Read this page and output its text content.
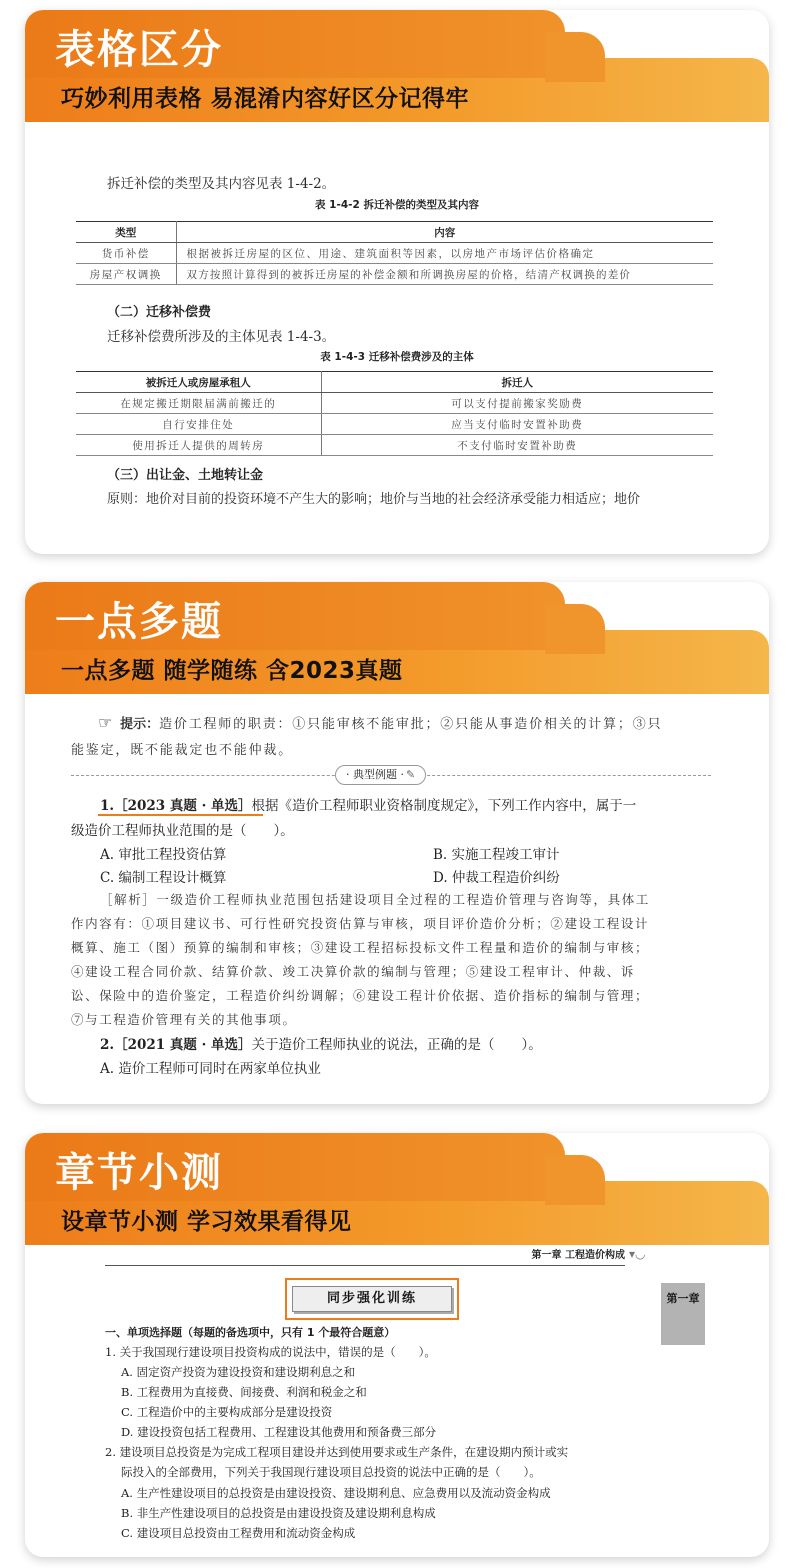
表格区分
巧妙利用表格 易混淆内容好区分记得牢
拆迁补偿的类型及其内容见表 1-4-2。
表 1-4-2 拆迁补偿的类型及其内容
类型	内容
货币补偿	根据被拆迁房屋的区位、用途、建筑面积等因素，以房地产市场评估价格确定
房屋产权调换	双方按照计算得到的被拆迁房屋的补偿金额和所调换房屋的价格，结清产权调换的差价
（二）迁移补偿费
迁移补偿费所涉及的主体见表 1-4-3。
表 1-4-3 迁移补偿费涉及的主体
被拆迁人或房屋承租人	拆迁人
在规定搬迁期限届满前搬迁的	可以支付提前搬家奖励费
自行安排住处	应当支付临时安置补助费
使用拆迁人提供的周转房	不支付临时安置补助费
（三）出让金、土地转让金
原则：地价对目前的投资环境不产生大的影响；地价与当地的社会经济承受能力相适应；地价
一点多题
一点多题 随学随练 含2023真题
☞ 提示：造价工程师的职责：①只能审核不能审批；②只能从事造价相关的计算；③只
能鉴定，既不能裁定也不能仲裁。
· 典型例题 · ✎
1.［2023 真题 · 单选］根据《造价工程师职业资格制度规定》，下列工作内容中，属于一
级造价工程师执业范围的是（　　）。
A. 审批工程投资估算	B. 实施工程竣工审计
C. 编制工程设计概算	D. 仲裁工程造价纠纷
［解析］一级造价工程师执业范围包括建设项目全过程的工程造价管理与咨询等，具体工
作内容有：①项目建议书、可行性研究投资估算与审核，项目评价造价分析；②建设工程设计
概算、施工（图）预算的编制和审核；③建设工程招标投标文件工程量和造价的编制与审核；
④建设工程合同价款、结算价款、竣工决算价款的编制与管理；⑤建设工程审计、仲裁、诉
讼、保险中的造价鉴定，工程造价纠纷调解；⑥建设工程计价依据、造价指标的编制与管理；
⑦与工程造价管理有关的其他事项。
2.［2021 真题 · 单选］关于造价工程师执业的说法，正确的是（　　）。
A. 造价工程师可同时在两家单位执业
章节小测
设章节小测 学习效果看得见
第一章 工程造价构成 ▾◡
第一章
同步强化训练
一、单项选择题（每题的备选项中，只有 1 个最符合题意）
1. 关于我国现行建设项目投资构成的说法中，错误的是（　　）。
A. 固定资产投资为建设投资和建设期利息之和
B. 工程费用为直接费、间接费、利润和税金之和
C. 工程造价中的主要构成部分是建设投资
D. 建设投资包括工程费用、工程建设其他费用和预备费三部分
2. 建设项目总投资是为完成工程项目建设并达到使用要求或生产条件，在建设期内预计或实
际投入的全部费用，下列关于我国现行建设项目总投资的说法中正确的是（　　）。
A. 生产性建设项目的总投资是由建设投资、建设期利息、应急费用以及流动资金构成
B. 非生产性建设项目的总投资是由建设投资及建设期利息构成
C. 建设项目总投资由工程费用和流动资金构成
